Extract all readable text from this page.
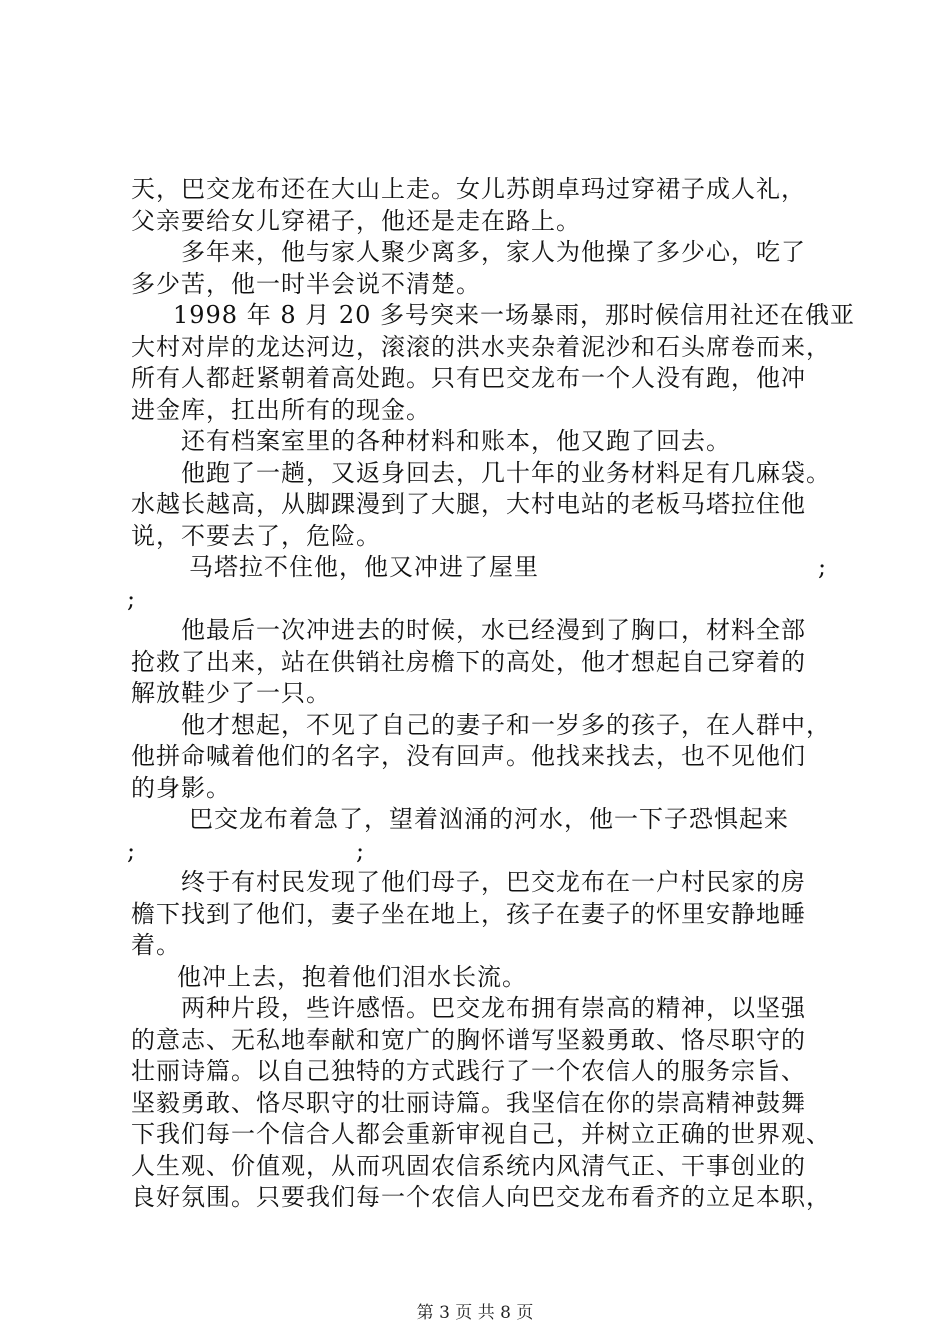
天，巴交龙布还在大山上走。女儿苏朗卓玛过穿裙子成人礼，
父亲要给女儿穿裙子，他还是走在路上。
多年来，他与家人聚少离多，家人为他操了多少心，吃了
多少苦，他一时半会说不清楚。
1998 年 8 月 20 多号突来一场暴雨，那时候信用社还在俄亚
大村对岸的龙达河边，滚滚的洪水夹杂着泥沙和石头席卷而来，
所有人都赶紧朝着高处跑。只有巴交龙布一个人没有跑，他冲
进金库，扛出所有的现金。
还有档案室里的各种材料和账本，他又跑了回去。
他跑了一趟，又返身回去，几十年的业务材料足有几麻袋。
水越长越高，从脚踝漫到了大腿，大村电站的老板马塔拉住他
说，不要去了，危险。
马塔拉不住他，他又冲进了屋里	;
;
他最后一次冲进去的时候，水已经漫到了胸口，材料全部
抢救了出来，站在供销社房檐下的高处，他才想起自己穿着的
解放鞋少了一只。
他才想起，不见了自己的妻子和一岁多的孩子，在人群中，
他拼命喊着他们的名字，没有回声。他找来找去，也不见他们
的身影。
巴交龙布着急了，望着汹涌的河水，他一下子恐惧起来
;	;
终于有村民发现了他们母子，巴交龙布在一户村民家的房
檐下找到了他们，妻子坐在地上，孩子在妻子的怀里安静地睡
着。
他冲上去，抱着他们泪水长流。
两种片段，些许感悟。巴交龙布拥有崇高的精神，以坚强
的意志、无私地奉献和宽广的胸怀谱写坚毅勇敢、恪尽职守的
壮丽诗篇。以自己独特的方式践行了一个农信人的服务宗旨、
坚毅勇敢、恪尽职守的壮丽诗篇。我坚信在你的崇高精神鼓舞
下我们每一个信合人都会重新审视自己，并树立正确的世界观、
人生观、价值观，从而巩固农信系统内风清气正、干事创业的
良好氛围。只要我们每一个农信人向巴交龙布看齐的立足本职，
第 3 页 共 8 页
